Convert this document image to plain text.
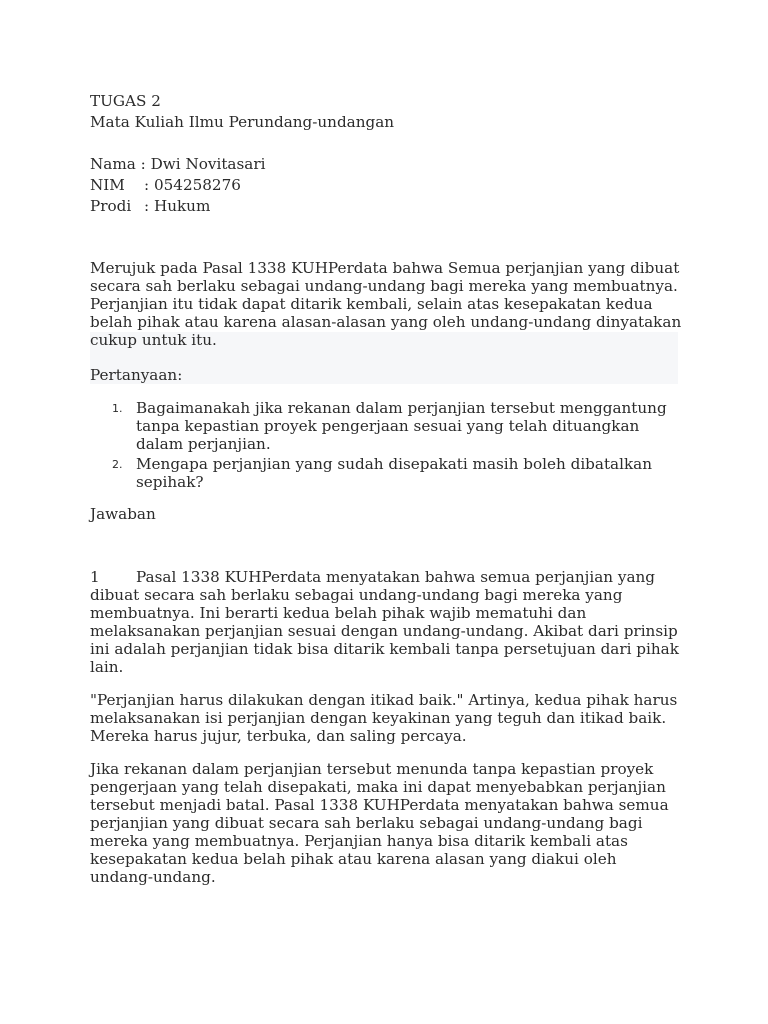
TUGAS 2
Mata Kuliah Ilmu Perundang-undangan
Nama : Dwi Novitasari
NIM : 054258276
Prodi : Hukum
Merujuk pada Pasal 1338 KUHPerdata bahwa Semua perjanjian yang dibuat
secara sah berlaku sebagai undang-undang bagi mereka yang membuatnya.
Perjanjian itu tidak dapat ditarik kembali, selain atas kesepakatan kedua
belah pihak atau karena alasan-alasan yang oleh undang-undang dinyatakan
cukup untuk itu.
Pertanyaan:
1. Bagaimanakah jika rekanan dalam perjanjian tersebut menggantung
tanpa kepastian proyek pengerjaan sesuai yang telah dituangkan
dalam perjanjian.
2. Mengapa perjanjian yang sudah disepakati masih boleh dibatalkan
sepihak?
Jawaban
1 Pasal 1338 KUHPerdata menyatakan bahwa semua perjanjian yang
dibuat secara sah berlaku sebagai undang-undang bagi mereka yang
membuatnya. Ini berarti kedua belah pihak wajib mematuhi dan
melaksanakan perjanjian sesuai dengan undang-undang. Akibat dari prinsip
ini adalah perjanjian tidak bisa ditarik kembali tanpa persetujuan dari pihak
lain.
"Perjanjian harus dilakukan dengan itikad baik." Artinya, kedua pihak harus
melaksanakan isi perjanjian dengan keyakinan yang teguh dan itikad baik.
Mereka harus jujur, terbuka, dan saling percaya.
Jika rekanan dalam perjanjian tersebut menunda tanpa kepastian proyek
pengerjaan yang telah disepakati, maka ini dapat menyebabkan perjanjian
tersebut menjadi batal. Pasal 1338 KUHPerdata menyatakan bahwa semua
perjanjian yang dibuat secara sah berlaku sebagai undang-undang bagi
mereka yang membuatnya. Perjanjian hanya bisa ditarik kembali atas
kesepakatan kedua belah pihak atau karena alasan yang diakui oleh
undang-undang.
